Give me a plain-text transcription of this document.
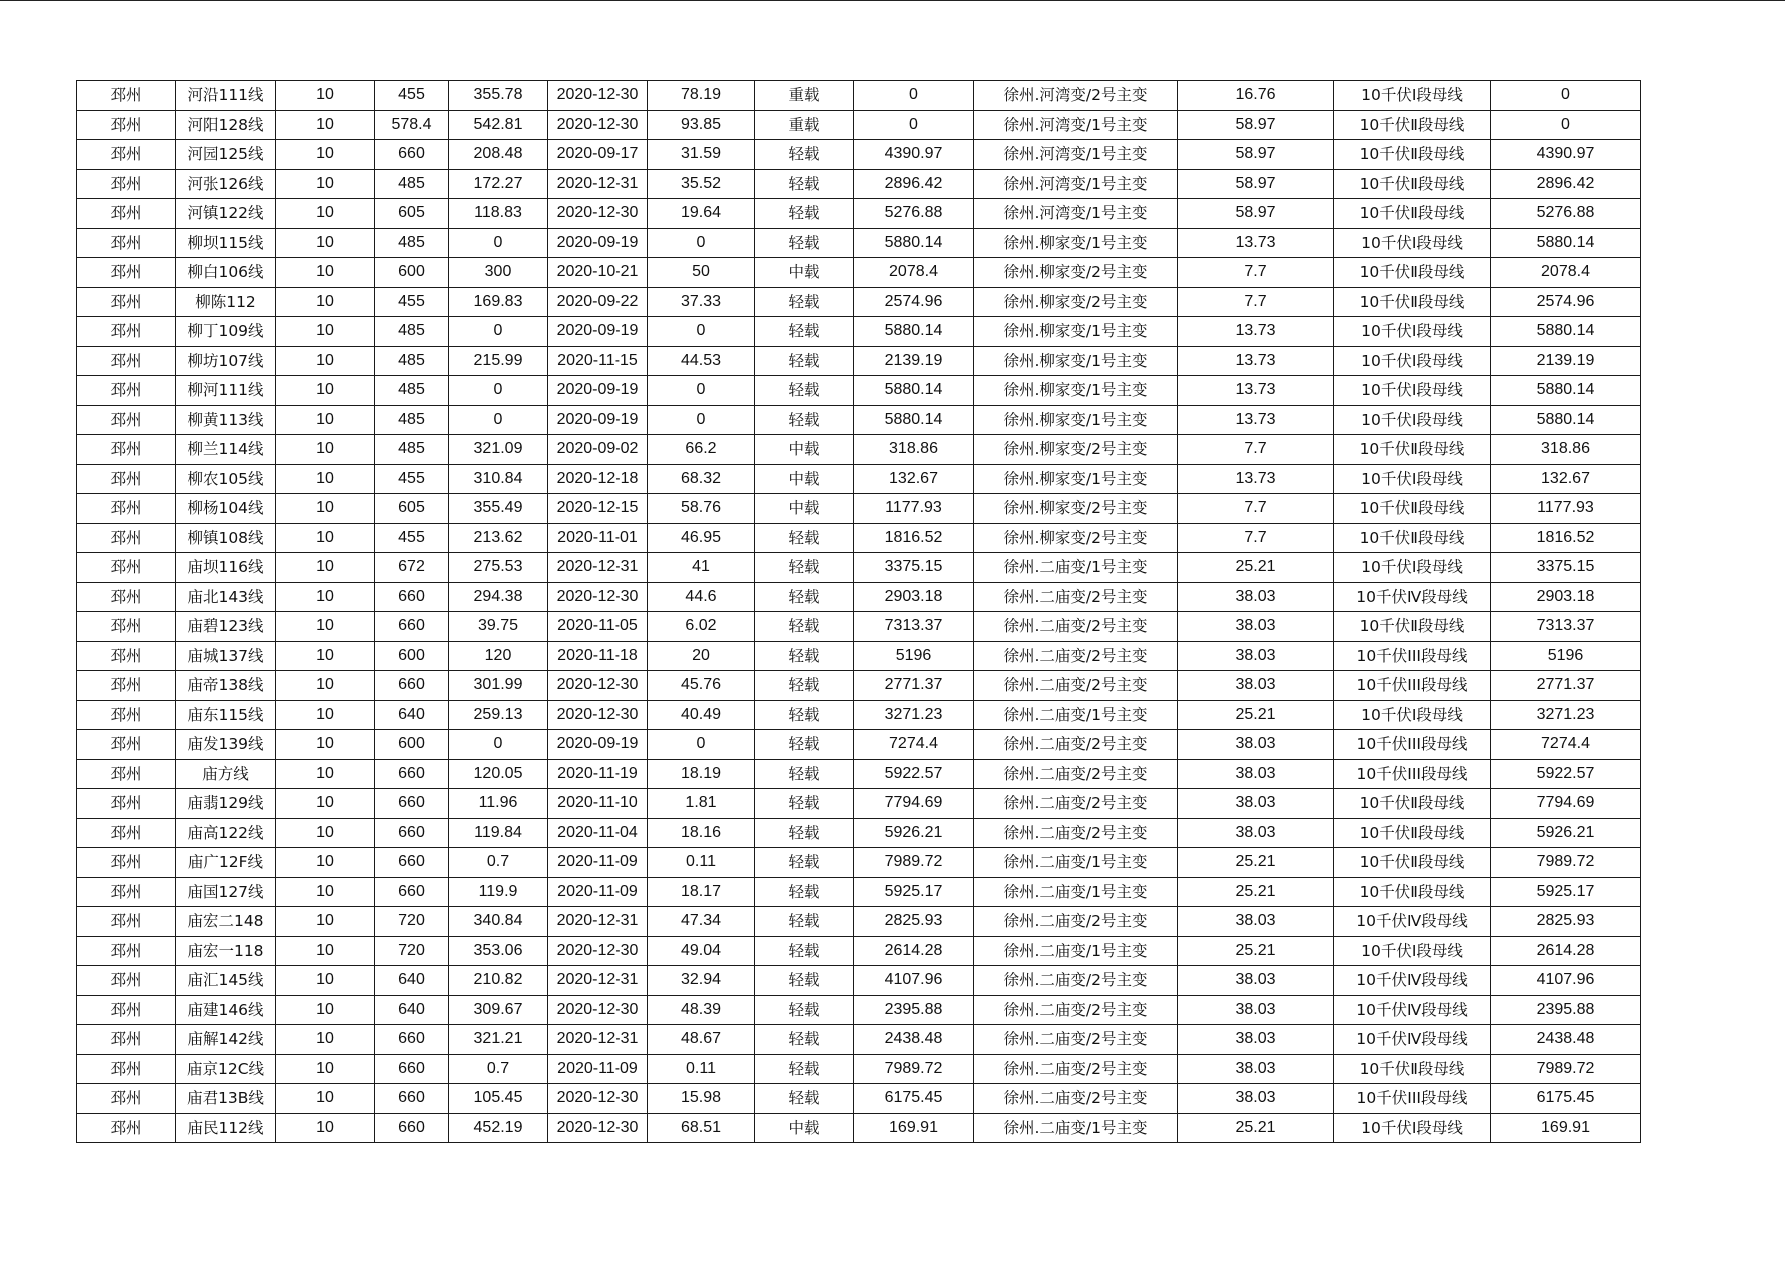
邳州	河沿111线	10	455	355.78	2020-12-30	78.19	重载	0	徐州.河湾变/2号主变	16.76	10千伏Ⅰ段母线	0
邳州	河阳128线	10	578.4	542.81	2020-12-30	93.85	重载	0	徐州.河湾变/1号主变	58.97	10千伏Ⅱ段母线	0
邳州	河园125线	10	660	208.48	2020-09-17	31.59	轻载	4390.97	徐州.河湾变/1号主变	58.97	10千伏Ⅱ段母线	4390.97
邳州	河张126线	10	485	172.27	2020-12-31	35.52	轻载	2896.42	徐州.河湾变/1号主变	58.97	10千伏Ⅱ段母线	2896.42
邳州	河镇122线	10	605	118.83	2020-12-30	19.64	轻载	5276.88	徐州.河湾变/1号主变	58.97	10千伏Ⅱ段母线	5276.88
邳州	柳坝115线	10	485	0	2020-09-19	0	轻载	5880.14	徐州.柳家变/1号主变	13.73	10千伏Ⅰ段母线	5880.14
邳州	柳白106线	10	600	300	2020-10-21	50	中载	2078.4	徐州.柳家变/2号主变	7.7	10千伏Ⅱ段母线	2078.4
邳州	柳陈112	10	455	169.83	2020-09-22	37.33	轻载	2574.96	徐州.柳家变/2号主变	7.7	10千伏Ⅱ段母线	2574.96
邳州	柳丁109线	10	485	0	2020-09-19	0	轻载	5880.14	徐州.柳家变/1号主变	13.73	10千伏Ⅰ段母线	5880.14
邳州	柳坊107线	10	485	215.99	2020-11-15	44.53	轻载	2139.19	徐州.柳家变/1号主变	13.73	10千伏Ⅰ段母线	2139.19
邳州	柳河111线	10	485	0	2020-09-19	0	轻载	5880.14	徐州.柳家变/1号主变	13.73	10千伏Ⅰ段母线	5880.14
邳州	柳黄113线	10	485	0	2020-09-19	0	轻载	5880.14	徐州.柳家变/1号主变	13.73	10千伏Ⅰ段母线	5880.14
邳州	柳兰114线	10	485	321.09	2020-09-02	66.2	中载	318.86	徐州.柳家变/2号主变	7.7	10千伏Ⅱ段母线	318.86
邳州	柳农105线	10	455	310.84	2020-12-18	68.32	中载	132.67	徐州.柳家变/1号主变	13.73	10千伏Ⅰ段母线	132.67
邳州	柳杨104线	10	605	355.49	2020-12-15	58.76	中载	1177.93	徐州.柳家变/2号主变	7.7	10千伏Ⅱ段母线	1177.93
邳州	柳镇108线	10	455	213.62	2020-11-01	46.95	轻载	1816.52	徐州.柳家变/2号主变	7.7	10千伏Ⅱ段母线	1816.52
邳州	庙坝116线	10	672	275.53	2020-12-31	41	轻载	3375.15	徐州.二庙变/1号主变	25.21	10千伏Ⅰ段母线	3375.15
邳州	庙北143线	10	660	294.38	2020-12-30	44.6	轻载	2903.18	徐州.二庙变/2号主变	38.03	10千伏Ⅳ段母线	2903.18
邳州	庙碧123线	10	660	39.75	2020-11-05	6.02	轻载	7313.37	徐州.二庙变/2号主变	38.03	10千伏Ⅱ段母线	7313.37
邳州	庙城137线	10	600	120	2020-11-18	20	轻载	5196	徐州.二庙变/2号主变	38.03	10千伏III段母线	5196
邳州	庙帝138线	10	660	301.99	2020-12-30	45.76	轻载	2771.37	徐州.二庙变/2号主变	38.03	10千伏III段母线	2771.37
邳州	庙东115线	10	640	259.13	2020-12-30	40.49	轻载	3271.23	徐州.二庙变/1号主变	25.21	10千伏Ⅰ段母线	3271.23
邳州	庙发139线	10	600	0	2020-09-19	0	轻载	7274.4	徐州.二庙变/2号主变	38.03	10千伏III段母线	7274.4
邳州	庙方线	10	660	120.05	2020-11-19	18.19	轻载	5922.57	徐州.二庙变/2号主变	38.03	10千伏III段母线	5922.57
邳州	庙翡129线	10	660	11.96	2020-11-10	1.81	轻载	7794.69	徐州.二庙变/2号主变	38.03	10千伏Ⅱ段母线	7794.69
邳州	庙高122线	10	660	119.84	2020-11-04	18.16	轻载	5926.21	徐州.二庙变/2号主变	38.03	10千伏Ⅱ段母线	5926.21
邳州	庙广12F线	10	660	0.7	2020-11-09	0.11	轻载	7989.72	徐州.二庙变/1号主变	25.21	10千伏Ⅱ段母线	7989.72
邳州	庙国127线	10	660	119.9	2020-11-09	18.17	轻载	5925.17	徐州.二庙变/1号主变	25.21	10千伏Ⅱ段母线	5925.17
邳州	庙宏二148	10	720	340.84	2020-12-31	47.34	轻载	2825.93	徐州.二庙变/2号主变	38.03	10千伏Ⅳ段母线	2825.93
邳州	庙宏一118	10	720	353.06	2020-12-30	49.04	轻载	2614.28	徐州.二庙变/1号主变	25.21	10千伏Ⅰ段母线	2614.28
邳州	庙汇145线	10	640	210.82	2020-12-31	32.94	轻载	4107.96	徐州.二庙变/2号主变	38.03	10千伏Ⅳ段母线	4107.96
邳州	庙建146线	10	640	309.67	2020-12-30	48.39	轻载	2395.88	徐州.二庙变/2号主变	38.03	10千伏Ⅳ段母线	2395.88
邳州	庙解142线	10	660	321.21	2020-12-31	48.67	轻载	2438.48	徐州.二庙变/2号主变	38.03	10千伏Ⅳ段母线	2438.48
邳州	庙京12C线	10	660	0.7	2020-11-09	0.11	轻载	7989.72	徐州.二庙变/2号主变	38.03	10千伏Ⅱ段母线	7989.72
邳州	庙君13B线	10	660	105.45	2020-12-30	15.98	轻载	6175.45	徐州.二庙变/2号主变	38.03	10千伏III段母线	6175.45
邳州	庙民112线	10	660	452.19	2020-12-30	68.51	中载	169.91	徐州.二庙变/1号主变	25.21	10千伏Ⅰ段母线	169.91
